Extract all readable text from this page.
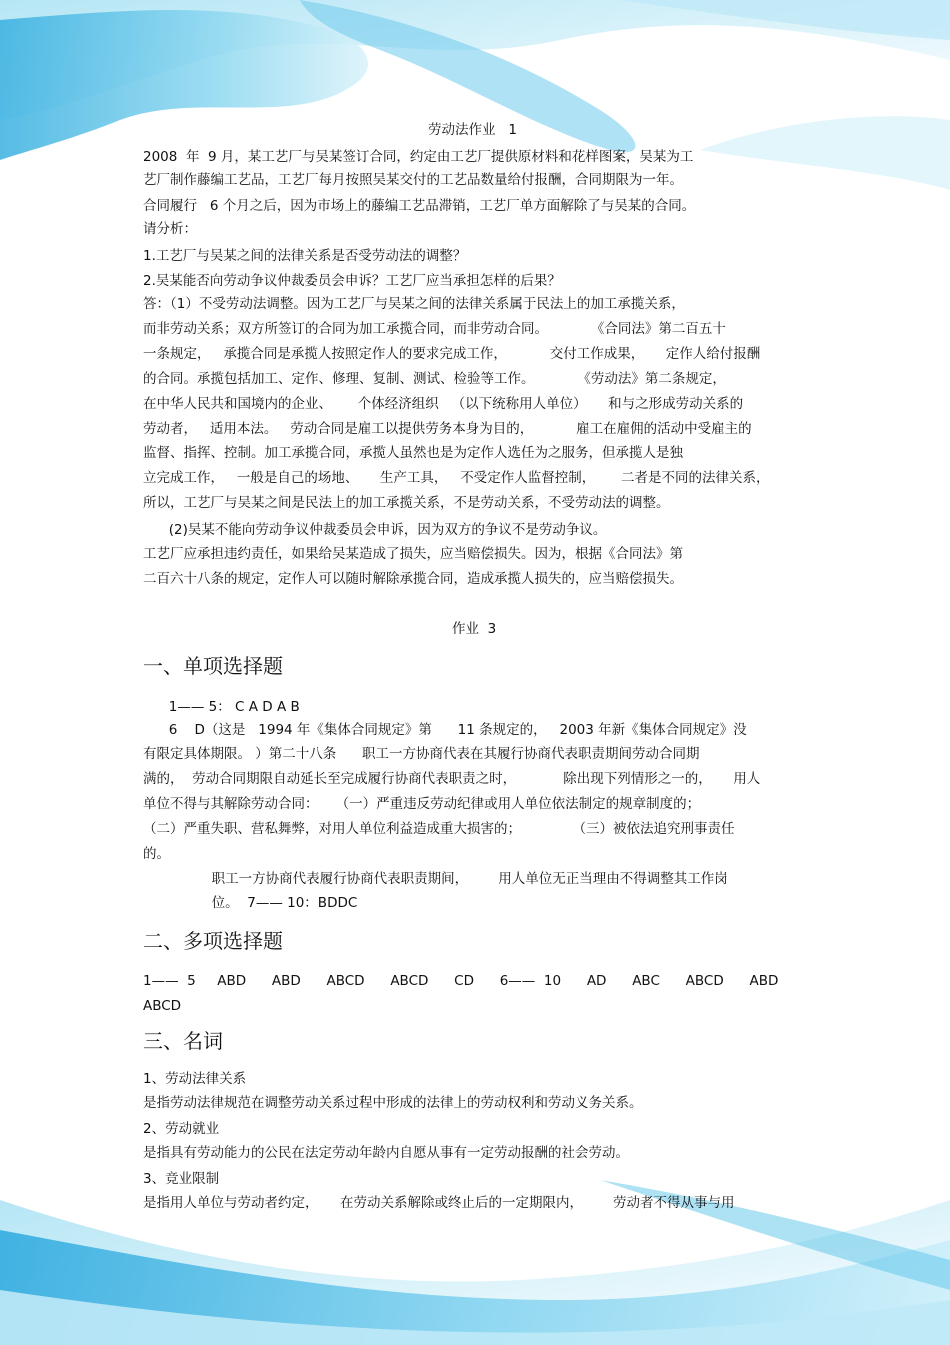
劳动法作业   1
2008  年  9 月，某工艺厂与吴某签订合同，约定由工艺厂提供原材料和花样图案，吴某为工
艺厂制作藤编工艺品，工艺厂每月按照吴某交付的工艺品数量给付报酬，合同期限为一年。
合同履行   6 个月之后，因为市场上的藤编工艺品滞销，工艺厂单方面解除了与吴某的合同。
请分析：
1.工艺厂与吴某之间的法律关系是否受劳动法的调整？
2.吴某能否向劳动争议仲裁委员会申诉？工艺厂应当承担怎样的后果？
答：（1）不受劳动法调整。因为工艺厂与吴某之间的法律关系属于民法上的加工承揽关系，
而非劳动关系；双方所签订的合同为加工承揽合同，而非劳动合同。          《合同法》第二百五十
一条规定，   承揽合同是承揽人按照定作人的要求完成工作，          交付工作成果，     定作人给付报酬
的合同。承揽包括加工、定作、修理、复制、测试、检验等工作。          《劳动法》第二条规定，
在中华人民共和国境内的企业、      个体经济组织   （以下统称用人单位）     和与之形成劳动关系的
劳动者，   适用本法。   劳动合同是雇工以提供劳务本身为目的，          雇工在雇佣的活动中受雇主的
监督、指挥、控制。加工承揽合同，承揽人虽然也是为定作人选任为之服务，但承揽人是独
立完成工作，   一般是自己的场地、     生产工具，   不受定作人监督控制，      二者是不同的法律关系，
所以，工艺厂与吴某之间是民法上的加工承揽关系，不是劳动关系，不受劳动法的调整。
(2)吴某不能向劳动争议仲裁委员会申诉，因为双方的争议不是劳动争议。
工艺厂应承担违约责任，如果给吴某造成了损失，应当赔偿损失。因为，根据《合同法》第
二百六十八条的规定，定作人可以随时解除承揽合同，造成承揽人损失的，应当赔偿损失。
作业  3
一、单项选择题
1—— 5： C A D A B
6    D（这是   1994 年《集体合同规定》第      11 条规定的，   2003 年新《集体合同规定》没
有限定具体期限。 ）第二十八条      职工一方协商代表在其履行协商代表职责期间劳动合同期
满的，  劳动合同期限自动延长至完成履行协商代表职责之时，           除出现下列情形之一的，     用人
单位不得与其解除劳动合同：    （一）严重违反劳动纪律或用人单位依法制定的规章制度的；
（二）严重失职、营私舞弊，对用人单位利益造成重大损害的；            （三）被依法追究刑事责任
的。
职工一方协商代表履行协商代表职责期间，       用人单位无正当理由不得调整其工作岗
位。  7—— 10：BDDC
二、多项选择题
1——  5     ABD      ABD      ABCD      ABCD      CD      6——  10      AD      ABC      ABCD      ABD
ABCD
三、名词
1、劳动法律关系
是指劳动法律规范在调整劳动关系过程中形成的法律上的劳动权利和劳动义务关系。
2、劳动就业
是指具有劳动能力的公民在法定劳动年龄内自愿从事有一定劳动报酬的社会劳动。
3、竞业限制
是指用人单位与劳动者约定，     在劳动关系解除或终止后的一定期限内，       劳动者不得从事与用
